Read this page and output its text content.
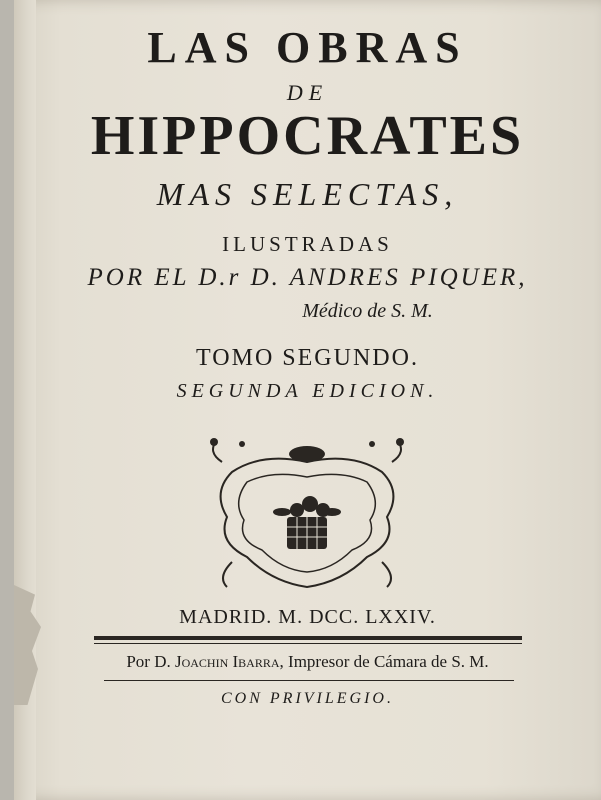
LAS OBRAS
DE
HIPPOCRATES
MAS SELECTAS,
ILUSTRADAS
POR EL D.r D. ANDRES PIQUER,
Médico de S. M.
TOMO SEGUNDO.
SEGUNDA EDICION.
MADRID. M. DCC. LXXIV.
Por D. Joachin Ibarra, Impresor de Cámara de S. M.
CON PRIVILEGIO.
